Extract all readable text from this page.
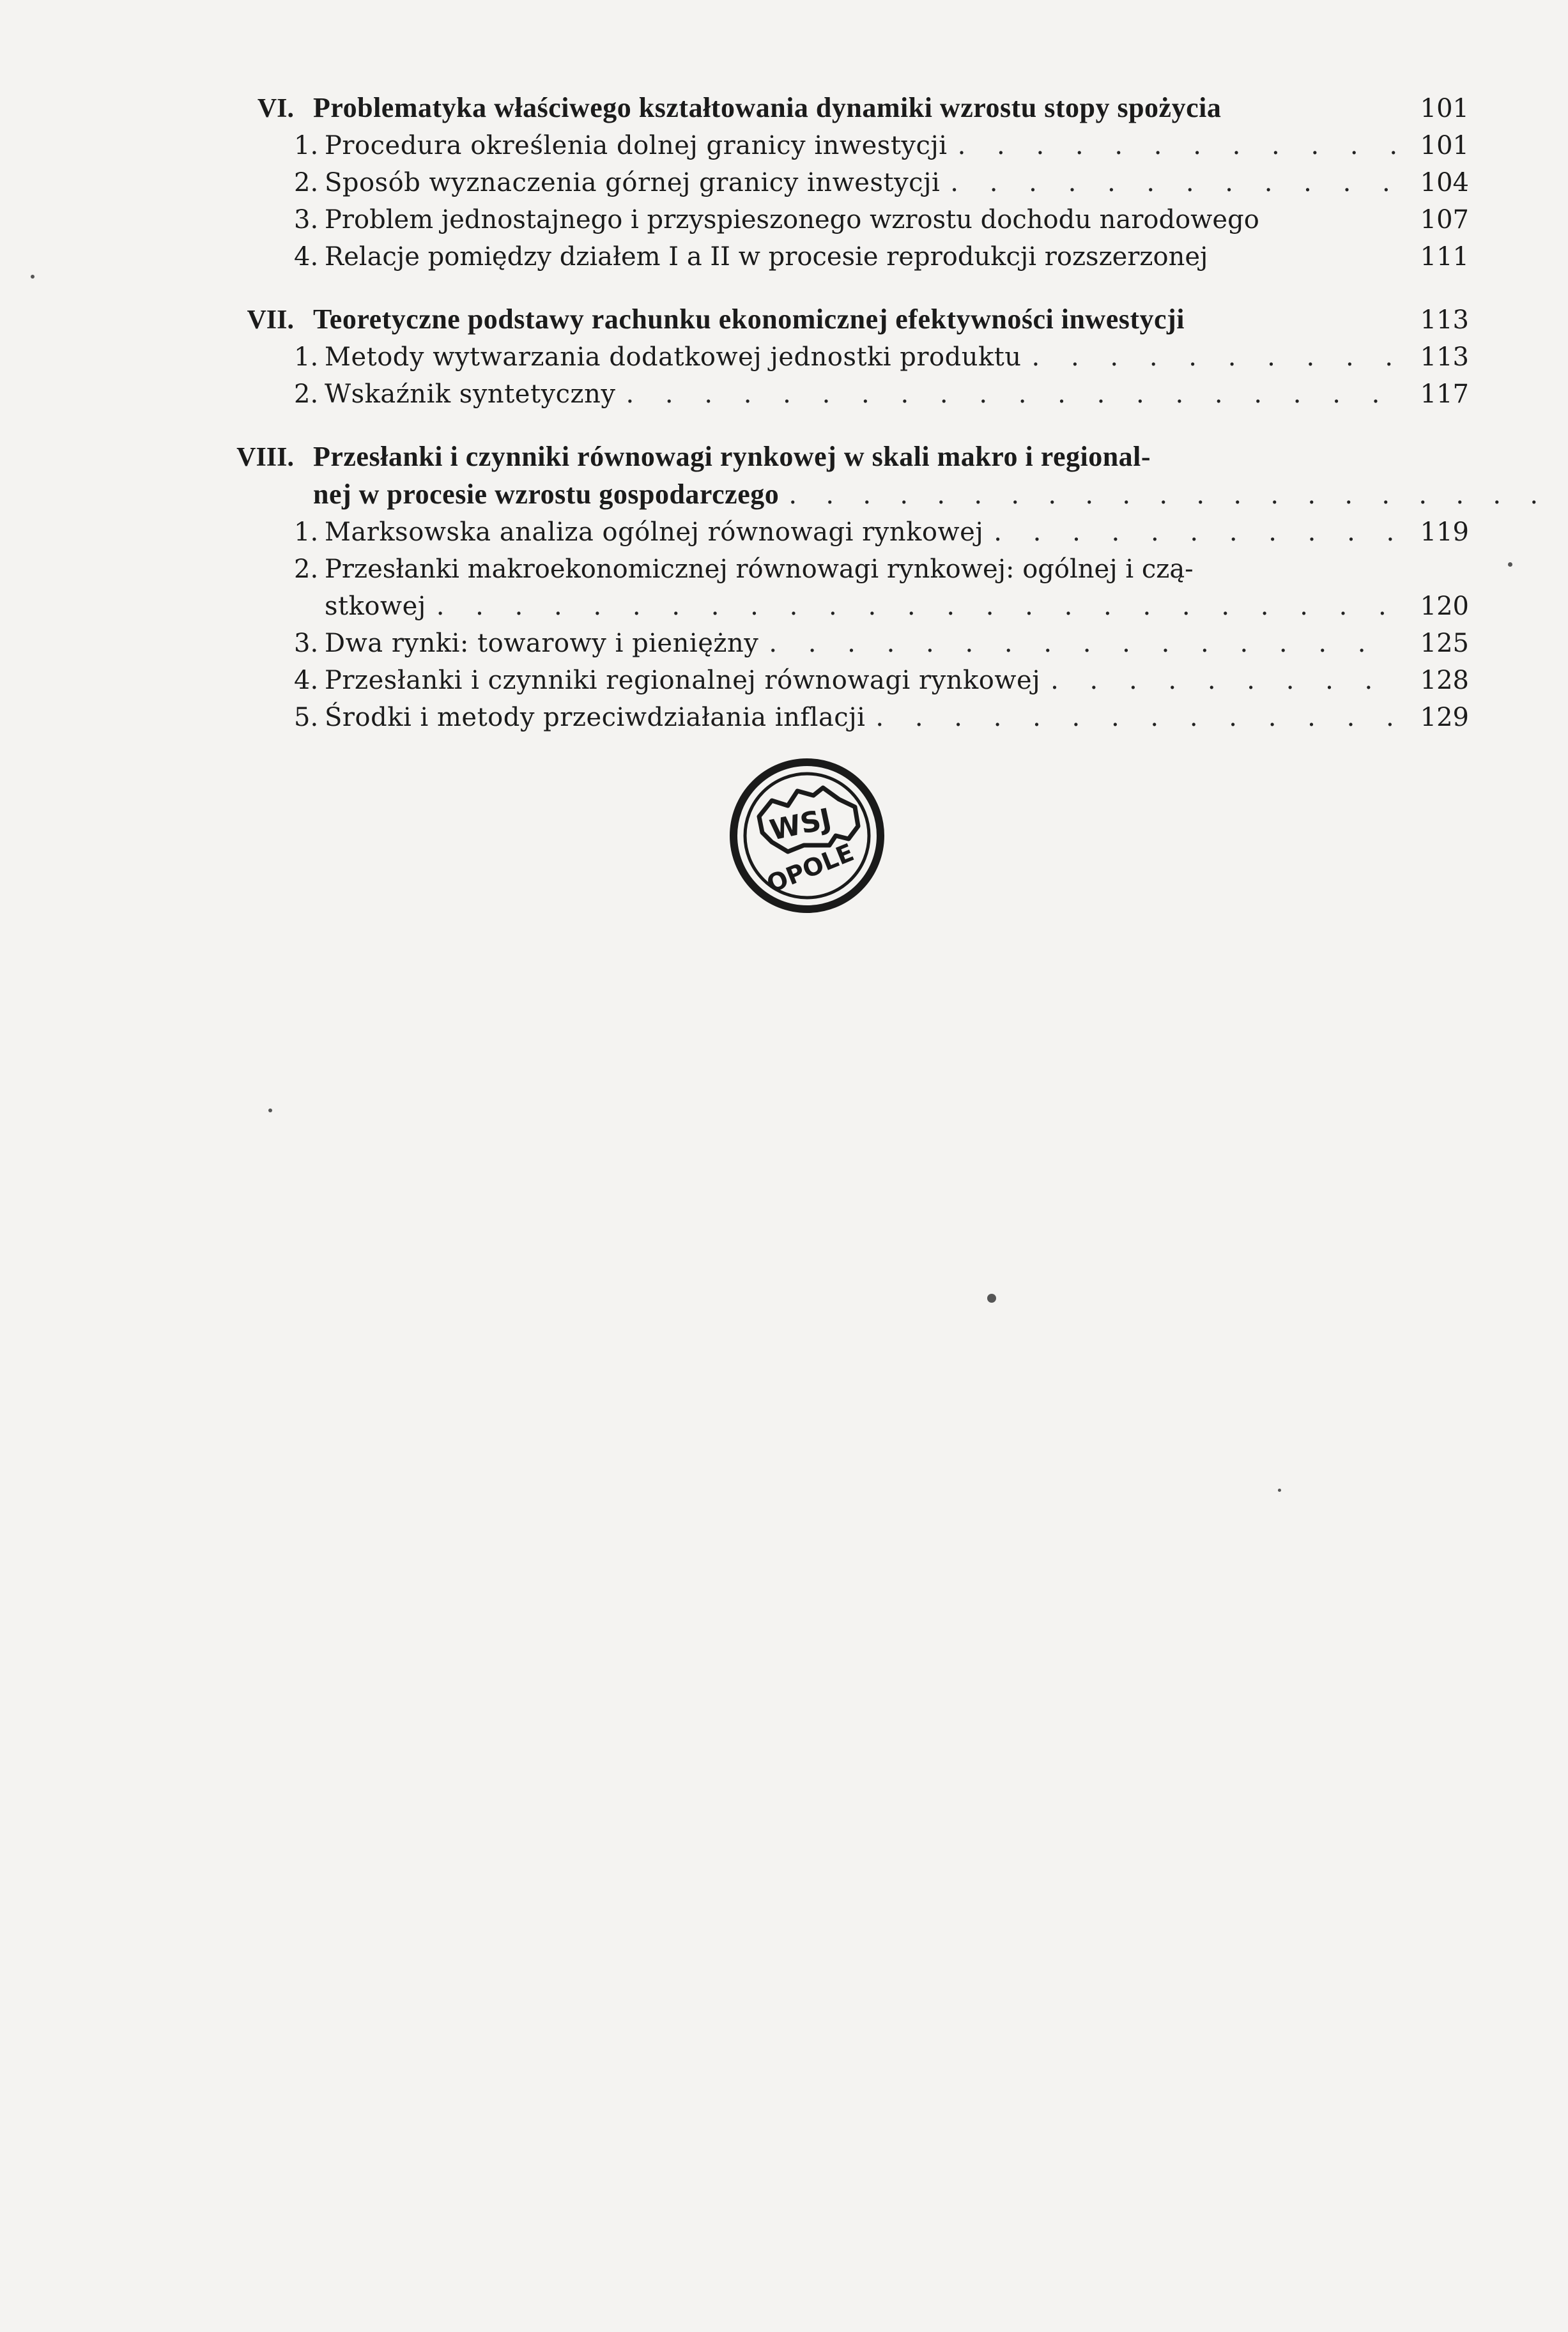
VI. Problematyka właściwego kształtowania dynamiki wzrostu stopy spożycia	101
1. Procedura określenia dolnej granicy inwestycji . . .	101
2. Sposób wyznaczenia górnej granicy inwestycji . . .	104
3. Problem jednostajnego i przyspieszonego wzrostu dochodu narodowego	107
4. Relacje pomiędzy działem I a II w procesie reprodukcji rozszerzonej	111
VII. Teoretyczne podstawy rachunku ekonomicznej efektywności inwestycji	113
1. Metody wytwarzania dodatkowej jednostki produktu . . .	113
2. Wskaźnik syntetyczny . . .	117
VIII. Przesłanki i czynniki równowagi rynkowej w skali makro i regional-
nej w procesie wzrostu gospodarczego
. . .
1. Marksowska analiza ogólnej równowagi rynkowej . . .	119
2. Przesłanki makroekonomicznej równowagi rynkowej: ogólnej i czą-
stkowej . . .	120
3. Dwa rynki: towarowy i pieniężny . . .	125
4. Przesłanki i czynniki regionalnej równowagi rynkowej . . .	128
5. Środki i metody przeciwdziałania inflacji . . .	129
WSJ
OPOLE
